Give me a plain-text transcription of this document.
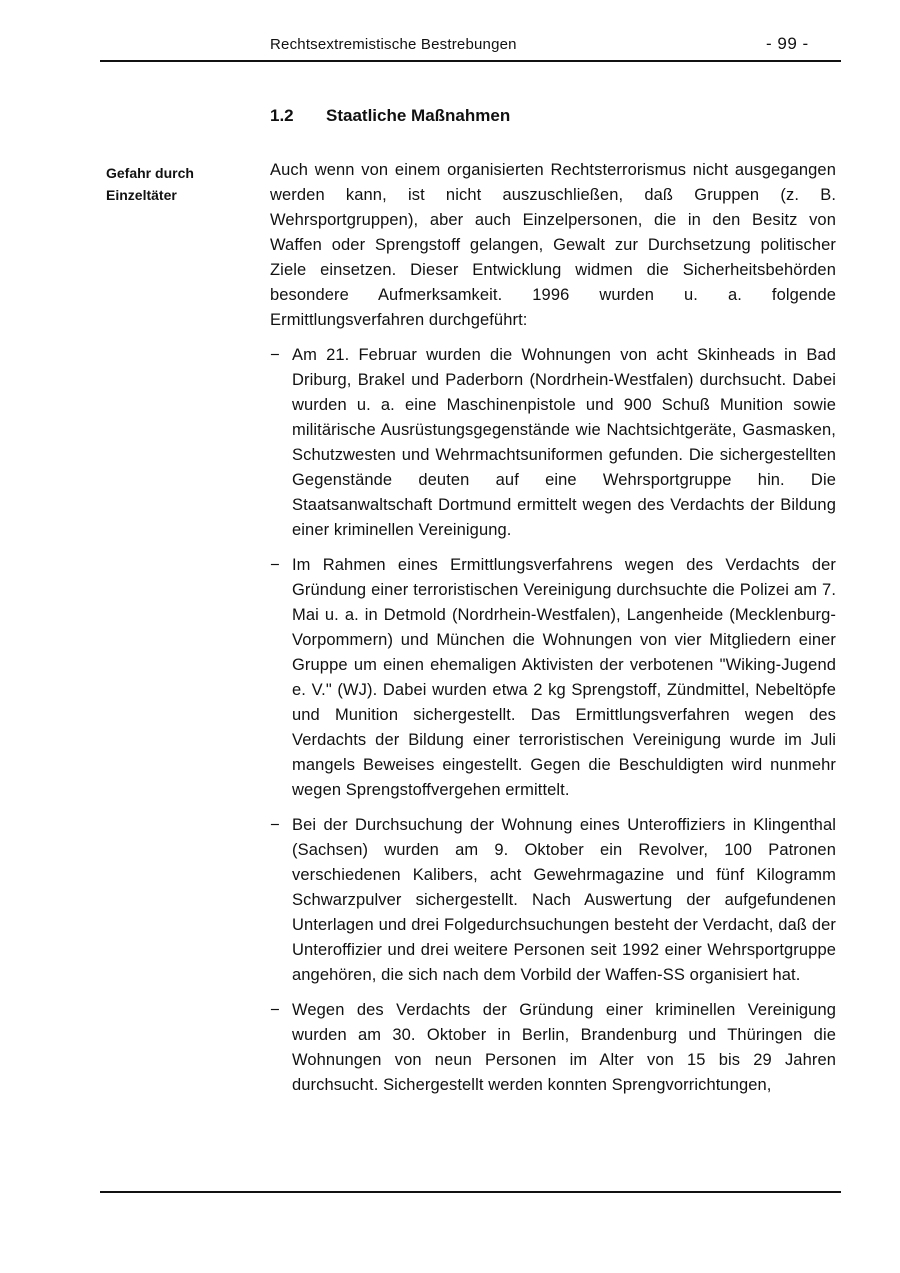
Rechtsextremistische Bestrebungen	- 99 -
1.2 Staatliche Maßnahmen
Gefahr durch
Einzeltäter

Auch wenn von einem organisierten Rechtsterrorismus nicht ausgegangen werden kann, ist nicht auszuschließen, daß Gruppen (z. B. Wehrsportgruppen), aber auch Einzelpersonen, die in den Besitz von Waffen oder Sprengstoff gelangen, Gewalt zur Durchsetzung politischer Ziele einsetzen. Dieser Entwicklung widmen die Sicherheitsbehörden besondere Aufmerksamkeit. 1996 wurden u. a. folgende Ermittlungsverfahren durchgeführt:

− Am 21. Februar wurden die Wohnungen von acht Skinheads in Bad Driburg, Brakel und Paderborn (Nordrhein-Westfalen) durchsucht. Dabei wurden u. a. eine Maschinenpistole und 900 Schuß Munition sowie militärische Ausrüstungsgegenstände wie Nachtsichtgeräte, Gasmasken, Schutzwesten und Wehrmachtsuniformen gefunden. Die sichergestellten Gegenstände deuten auf eine Wehrsportgruppe hin. Die Staatsanwaltschaft Dortmund ermittelt wegen des Verdachts der Bildung einer kriminellen Vereinigung.
− Im Rahmen eines Ermittlungsverfahrens wegen des Verdachts der Gründung einer terroristischen Vereinigung durchsuchte die Polizei am 7. Mai u. a. in Detmold (Nordrhein-Westfalen), Langenheide (Mecklenburg-Vorpommern) und München die Wohnungen von vier Mitgliedern einer Gruppe um einen ehemaligen Aktivisten der verbotenen "Wiking-Jugend e. V." (WJ). Dabei wurden etwa 2 kg Sprengstoff, Zündmittel, Nebeltöpfe und Munition sichergestellt. Das Ermittlungsverfahren wegen des Verdachts der Bildung einer terroristischen Vereinigung wurde im Juli mangels Beweises eingestellt. Gegen die Beschuldigten wird nunmehr wegen Sprengstoffvergehen ermittelt.
− Bei der Durchsuchung der Wohnung eines Unteroffiziers in Klingenthal (Sachsen) wurden am 9. Oktober ein Revolver, 100 Patronen verschiedenen Kalibers, acht Gewehrmagazine und fünf Kilogramm Schwarzpulver sichergestellt. Nach Auswertung der aufgefundenen Unterlagen und drei Folgedurchsuchungen besteht der Verdacht, daß der Unteroffizier und drei weitere Personen seit 1992 einer Wehrsportgruppe angehören, die sich nach dem Vorbild der Waffen-SS organisiert hat.
− Wegen des Verdachts der Gründung einer kriminellen Vereinigung wurden am 30. Oktober in Berlin, Brandenburg und Thüringen die Wohnungen von neun Personen im Alter von 15 bis 29 Jahren durchsucht. Sichergestellt werden konnten Sprengvorrichtungen,
